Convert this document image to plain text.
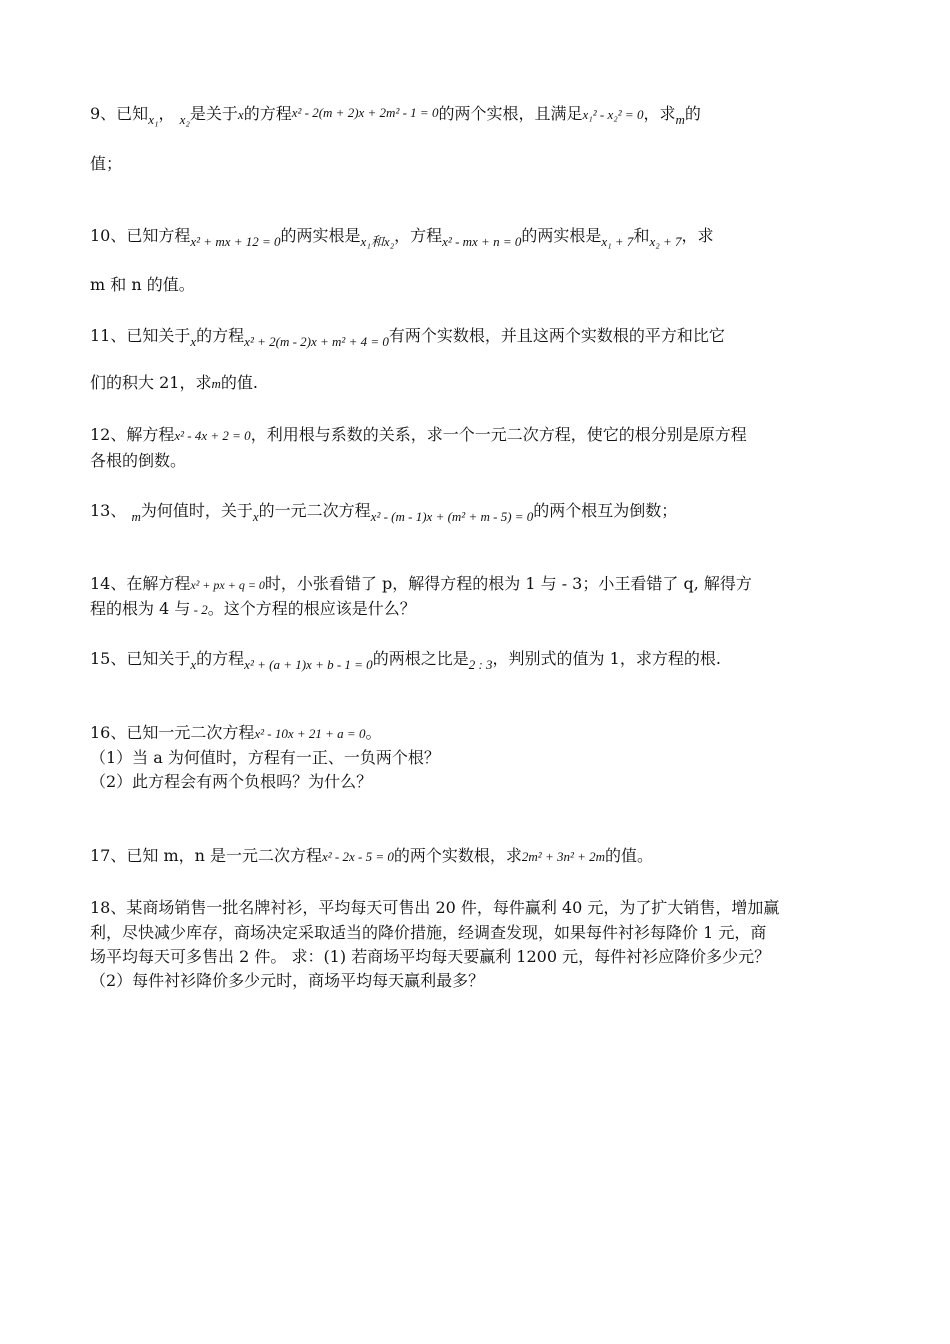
9、已知$_{x_1}$， $_{x_2}$是关于x的方程x² - 2(m + 2)x + 2m² - 1 = 0的两个实根，且满足x₁² - x₂² = 0，求$_m$的
值；
10、已知方程$_{x^2 + mx + 12 = 0}$的两实根是$_{x_1和x_2}$，方程$_{x^2 - mx + n = 0}$的两实根是$_{x_1 + 7}$和$_{x_2 + 7}$，求
m 和 n 的值。
11、已知关于$_x$的方程$_{x^2 + 2(m - 2)x + m^2 + 4 = 0}$有两个实数根，并且这两个实数根的平方和比它
们的积大 21，求m的值.
12、解方程x² - 4x + 2 = 0，利用根与系数的关系，求一个一元二次方程，使它的根分别是原方程
各根的倒数。
13、 $_m$为何值时，关于$_x$的一元二次方程$_{x^2 - (m - 1)x + (m^2 + m - 5) = 0}$的两个根互为倒数；
14、在解方程x² + px + q = 0时，小张看错了 p，解得方程的根为 1 与 - 3；小王看错了 q, 解得方
程的根为 4 与 - 2。这个方程的根应该是什么？
15、已知关于$_x$的方程$_{x^2 + (a + 1)x + b - 1 = 0}$的两根之比是$_{2 : 3}$，判别式的值为 1，求方程的根.
16、已知一元二次方程x² - 10x + 21 + a = 0。
（1）当 a 为何值时，方程有一正、一负两个根？
（2）此方程会有两个负根吗？为什么？
17、已知 m，n 是一元二次方程x² - 2x - 5 = 0的两个实数根，求2m² + 3n² + 2m的值。
18、某商场销售一批名牌衬衫，平均每天可售出 20 件，每件赢利 40 元，为了扩大销售，增加赢
利，尽快减少库存，商场决定采取适当的降价措施，经调查发现，如果每件衬衫每降价 1 元，商
场平均每天可多售出 2 件。 求：(1) 若商场平均每天要赢利 1200 元，每件衬衫应降价多少元？
（2）每件衬衫降价多少元时，商场平均每天赢利最多？
